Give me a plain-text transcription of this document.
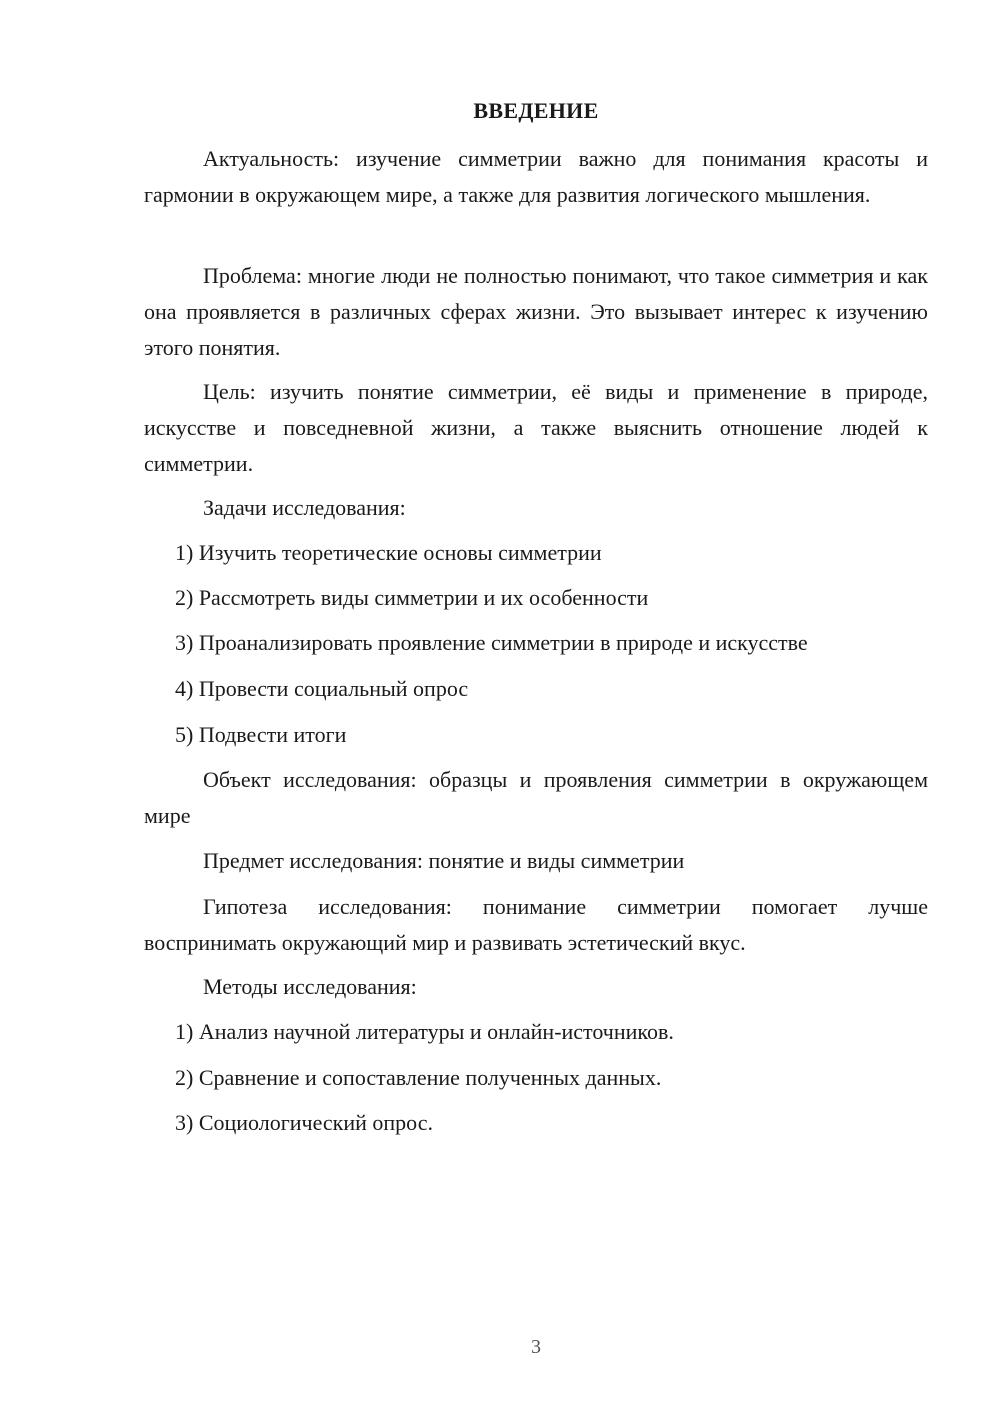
ВВЕДЕНИЕ

Актуальность: изучение симметрии важно для понимания красоты и гармонии в окружающем мире, а также для развития логического мышления.

Проблема: многие люди не полностью понимают, что такое симметрия и как она проявляется в различных сферах жизни. Это вызывает интерес к изучению этого понятия.

Цель: изучить понятие симметрии, её виды и применение в природе, искусстве и повседневной жизни, а также выяснить отношение людей к симметрии.

Задачи исследования:

1) Изучить теоретические основы симметрии

2) Рассмотреть виды симметрии и их особенности

3) Проанализировать проявление симметрии в природе и искусстве

4) Провести социальный опрос

5) Подвести итоги

Объект исследования: образцы и проявления симметрии в окружающем мире

Предмет исследования: понятие и виды симметрии

Гипотеза исследования: понимание симметрии помогает лучше воспринимать окружающий мир и развивать эстетический вкус.

Методы исследования:

1) Анализ научной литературы и онлайн-источников.

2) Сравнение и сопоставление полученных данных.

3) Социологический опрос.

3
